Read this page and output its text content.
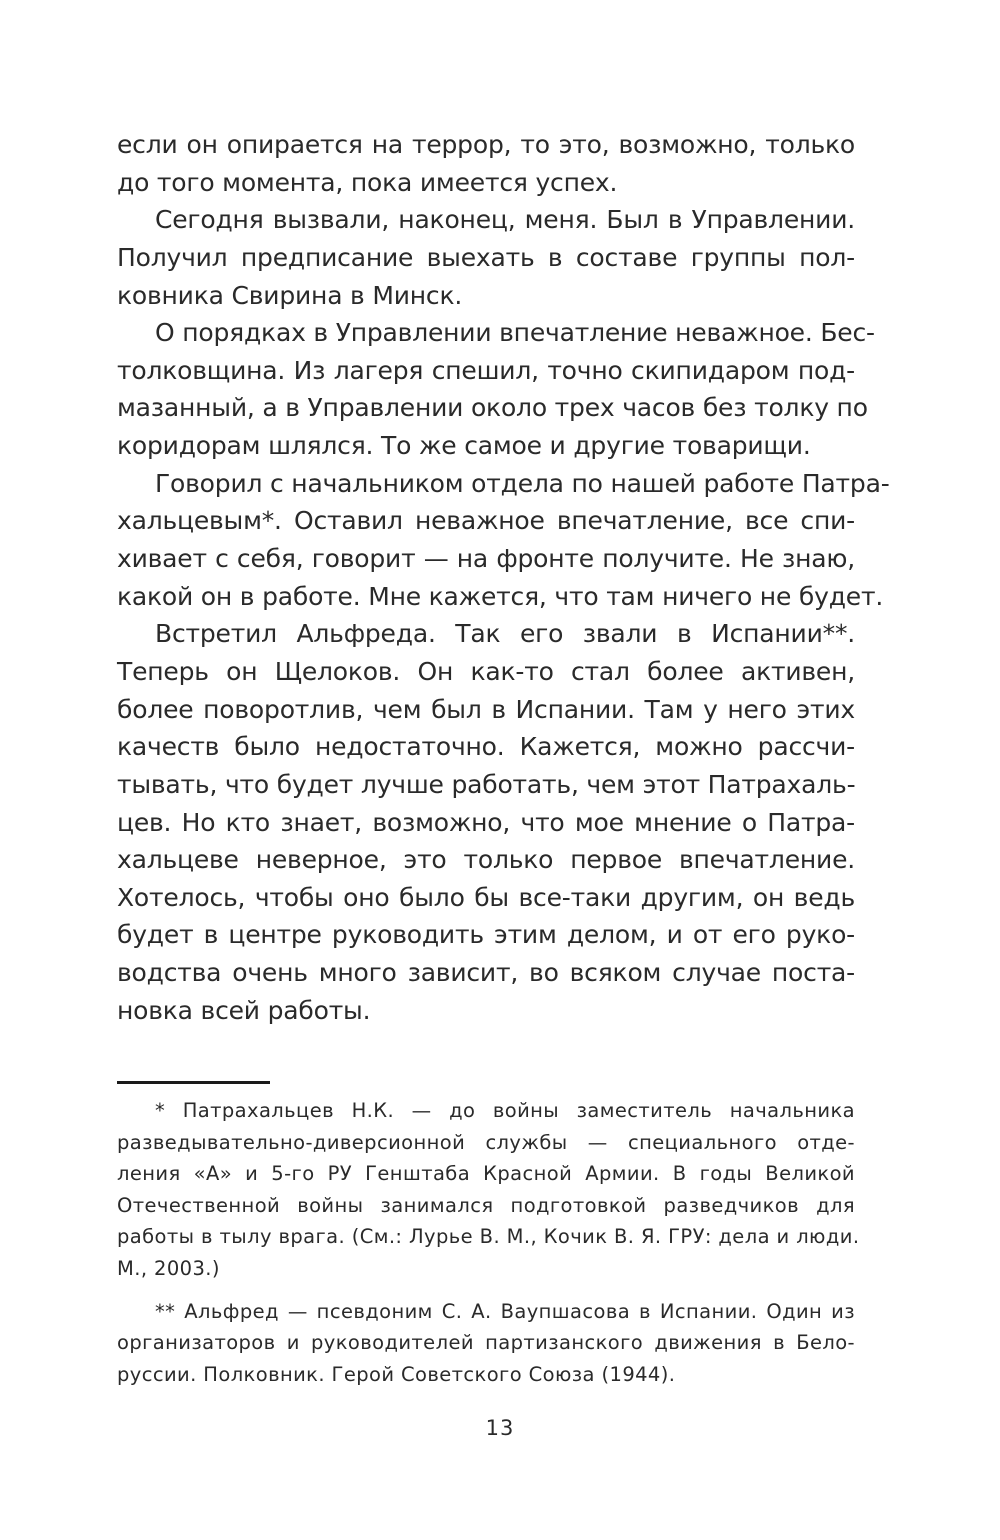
если он опирается на террор, то это, возможно, только
до того момента, пока имеется успех.
Сегодня вызвали, наконец, меня. Был в Управлении.
Получил предписание выехать в составе группы пол-
ковника Свирина в Минск.
О порядках в Управлении впечатление неважное. Бес-
толковщина. Из лагеря спешил, точно скипидаром под-
мазанный, а в Управлении около трех часов без толку по
коридорам шлялся. То же самое и другие товарищи.
Говорил с начальником отдела по нашей работе Патра-
хальцевым*. Оставил неважное впечатление, все спи-
хивает с себя, говорит — на фронте получите. Не знаю,
какой он в работе. Мне кажется, что там ничего не будет.
Встретил Альфреда. Так его звали в Испании**.
Теперь он Щелоков. Он как-то стал более активен,
более поворотлив, чем был в Испании. Там у него этих
качеств было недостаточно. Кажется, можно рассчи-
тывать, что будет лучше работать, чем этот Патрахаль-
цев. Но кто знает, возможно, что мое мнение о Патра-
хальцеве неверное, это только первое впечатление.
Хотелось, чтобы оно было бы все-таки другим, он ведь
будет в центре руководить этим делом, и от его руко-
водства очень много зависит, во всяком случае поста-
новка всей работы.
* Патрахальцев Н.К. — до войны заместитель начальника
разведывательно-диверсионной службы — специального отде-
ления «А» и 5-го РУ Генштаба Красной Армии. В годы Великой
Отечественной войны занимался подготовкой разведчиков для
работы в тылу врага. (См.: Лурье В. М., Кочик В. Я. ГРУ: дела и люди.
М., 2003.)
** Альфред — псевдоним С. А. Ваупшасова в Испании. Один из
организаторов и руководителей партизанского движения в Бело-
руссии. Полковник. Герой Советского Союза (1944).
13
